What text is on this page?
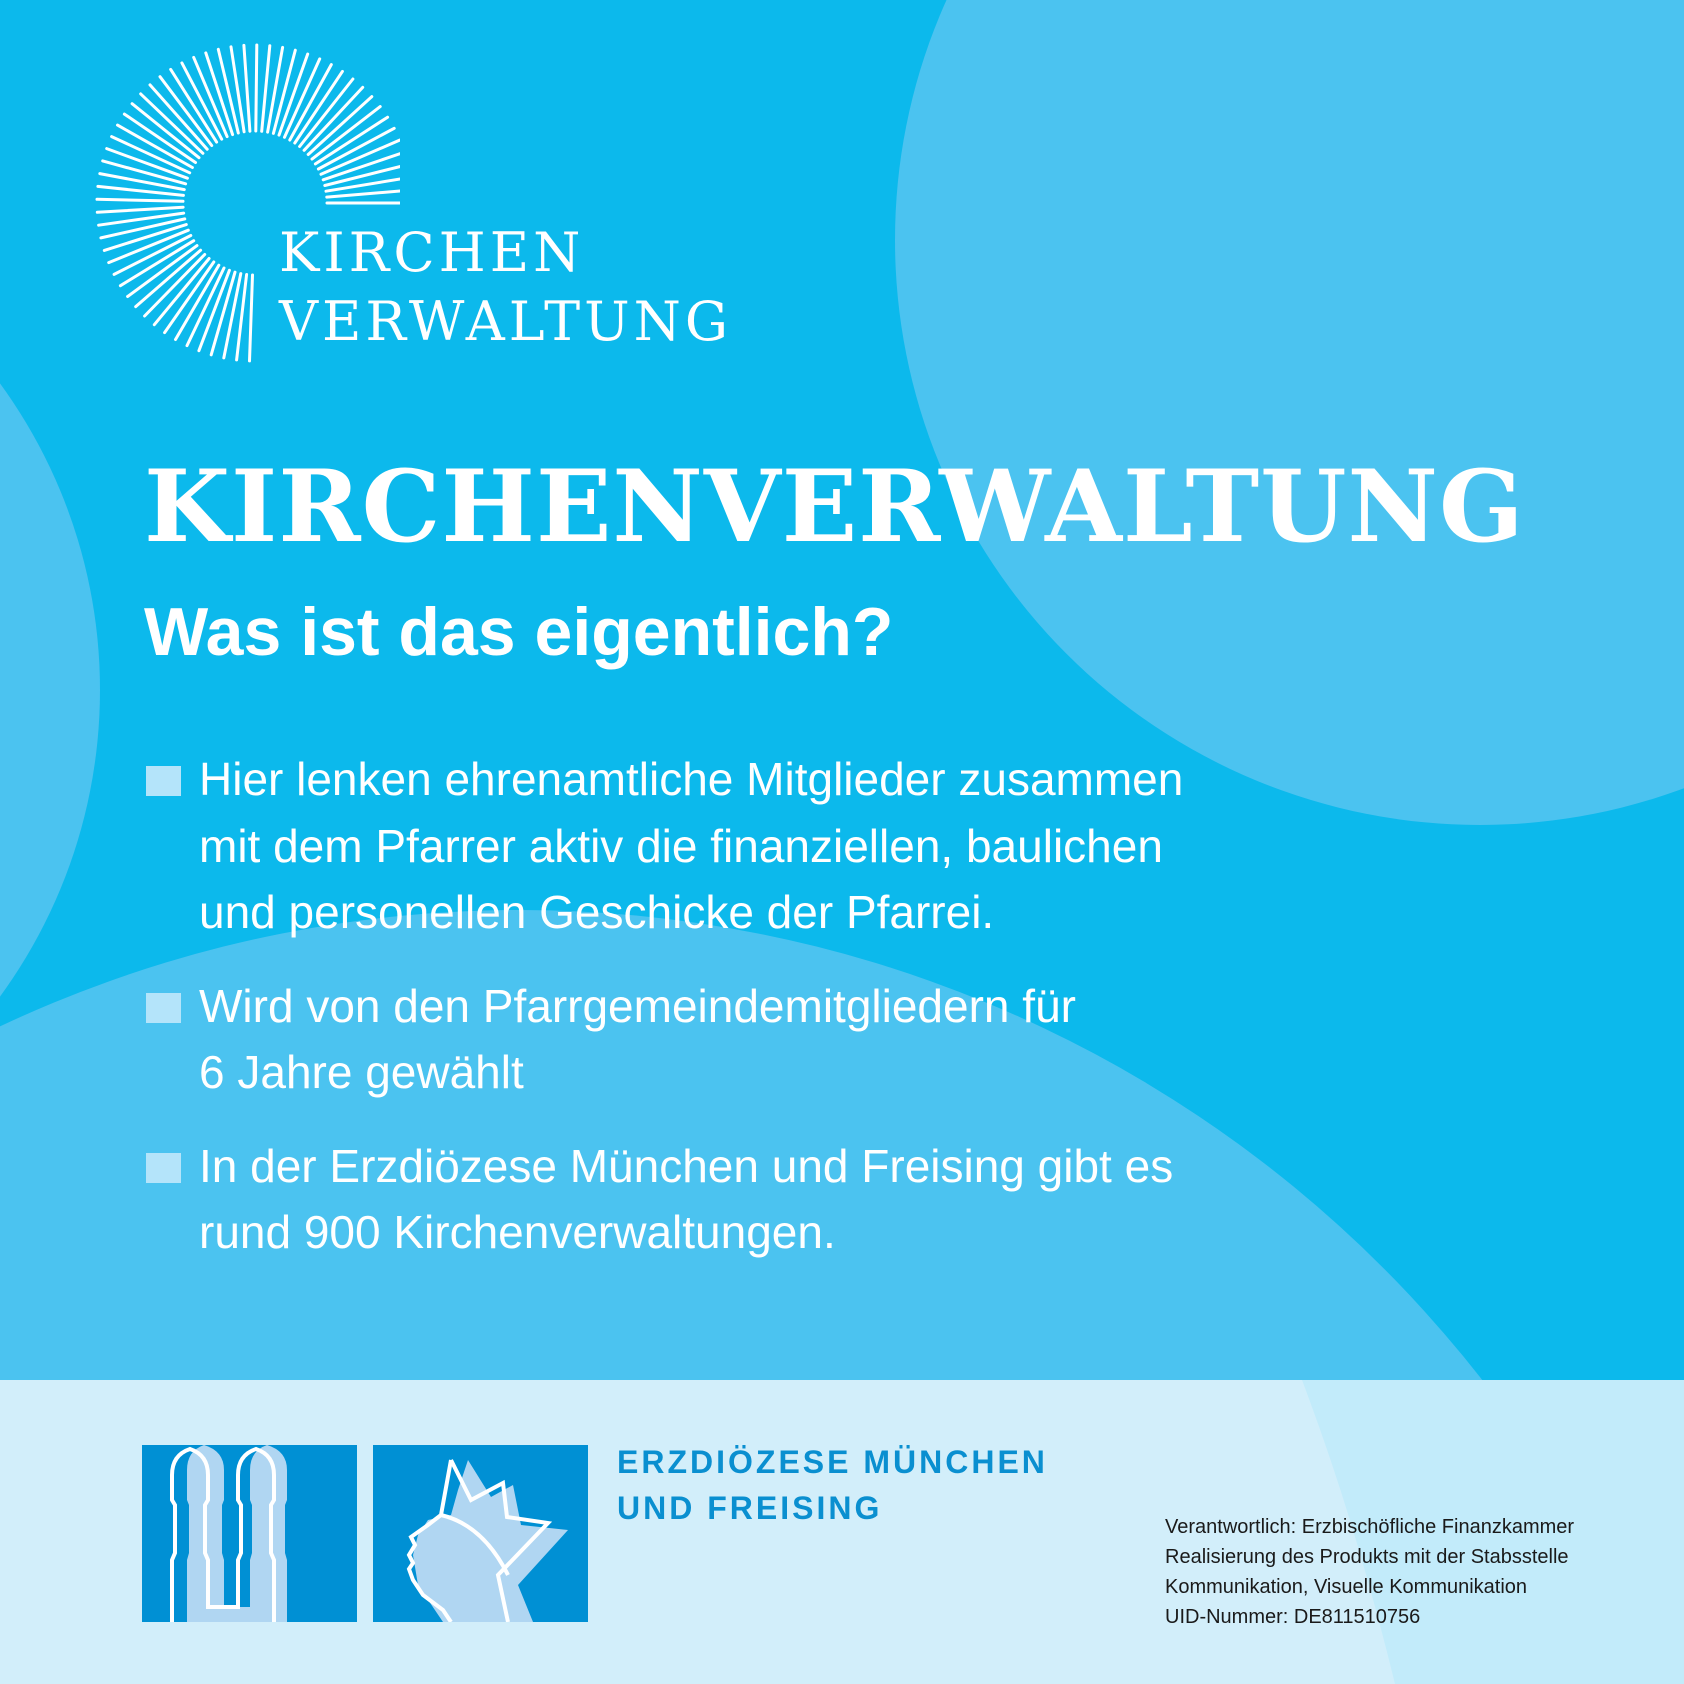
KIRCHEN
VERWALTUNG
KIRCHENVERWALTUNG
Was ist das eigentlich?
Hier lenken ehrenamtliche Mitglieder zusammen
mit dem Pfarrer aktiv die finanziellen, baulichen
und personellen Geschicke der Pfarrei.
Wird von den Pfarrgemeindemitgliedern für
6 Jahre gewählt
In der Erzdiözese München und Freising gibt es
rund 900 Kirchenverwaltungen.
ERZDIÖZESE MÜNCHEN
UND FREISING
Verantwortlich: Erzbischöfliche Finanzkammer
Realisierung des Produkts mit der Stabsstelle
Kommunikation, Visuelle Kommunikation
UID-Nummer: DE811510756
